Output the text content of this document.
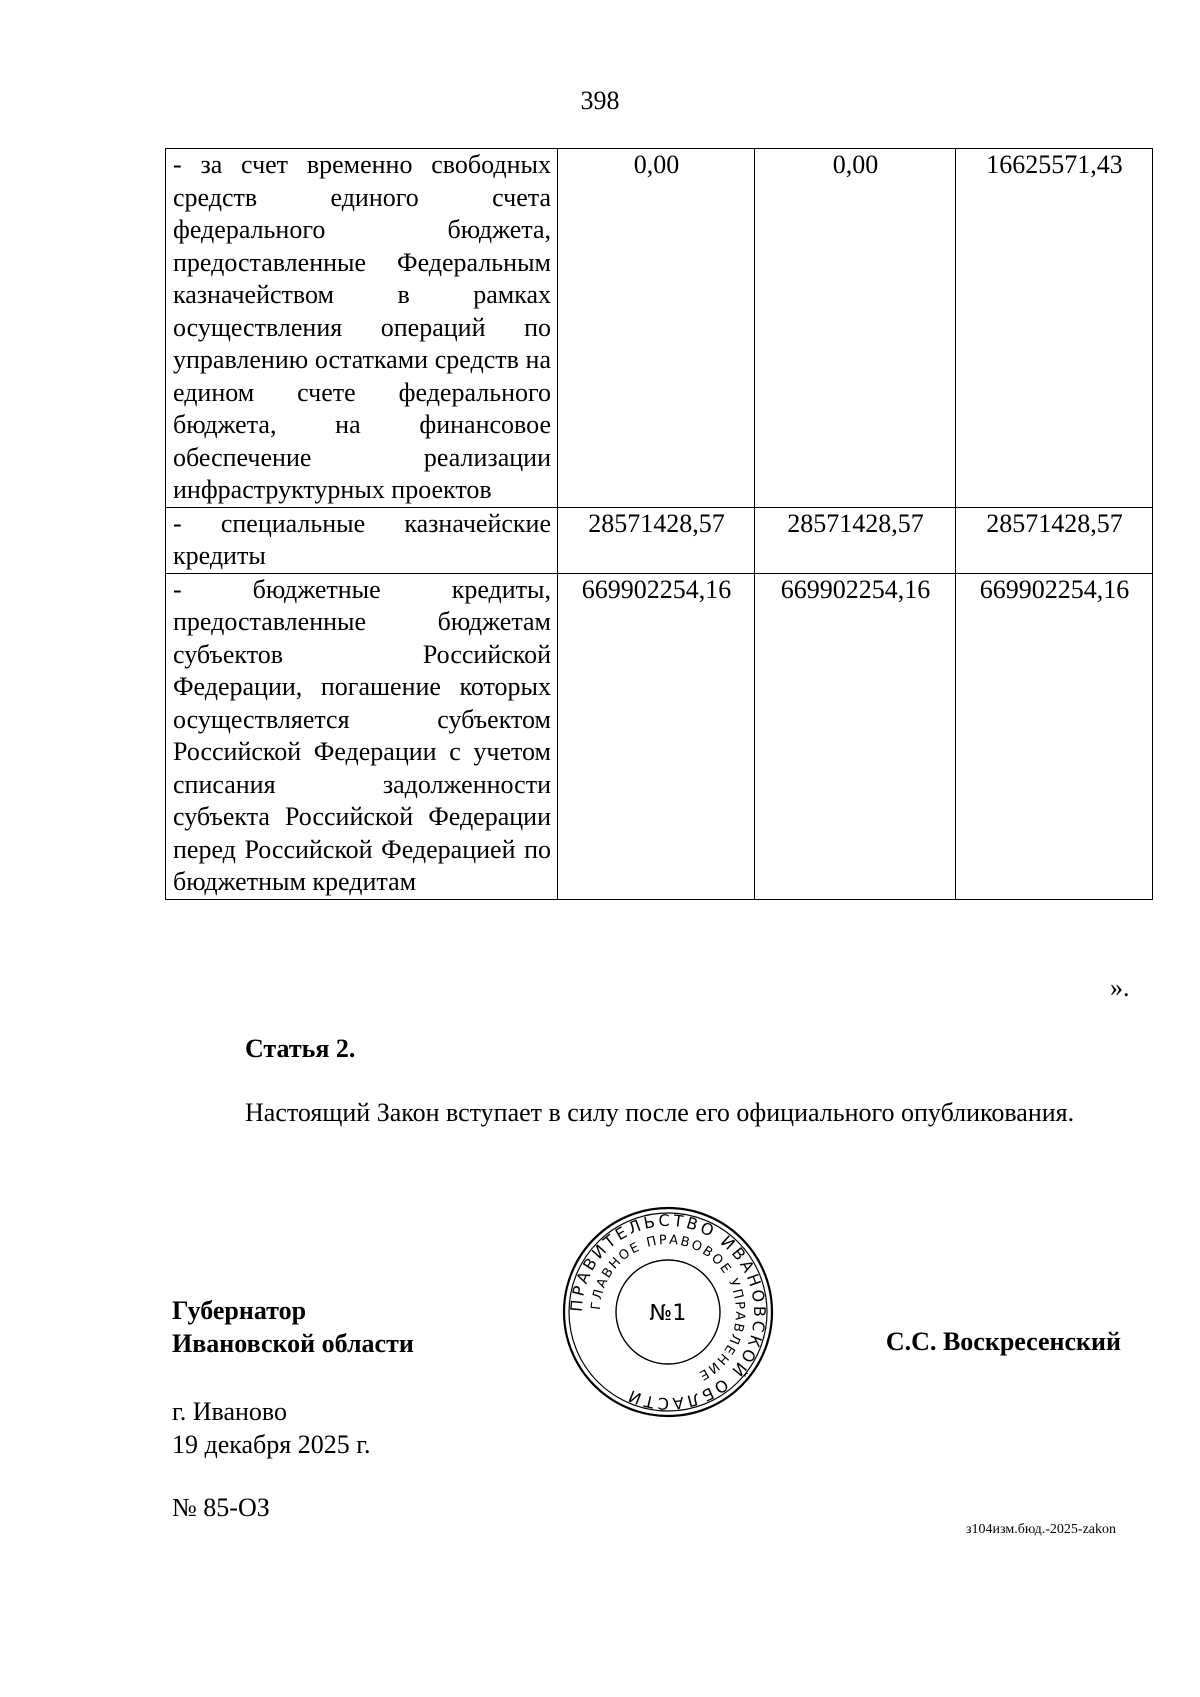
398
- за счет временно свободных средств единого счета федерального бюджета, предоставленные Федеральным казначейством в рамках осуществления операций по управлению остатками средств на едином счете федерального бюджета, на финансовое обеспечение реализации инфраструктурных проектов	0,00	0,00	16625571,43
- специальные казначейские кредиты	28571428,57	28571428,57	28571428,57
- бюджетные кредиты, предоставленные бюджетам субъектов Российской Федерации, погашение которых осуществляется субъектом Российской Федерации с учетом списания задолженности субъекта Российской Федерации перед Российской Федерацией по бюджетным кредитам	669902254,16	669902254,16	669902254,16
».
Статья 2.
Настоящий Закон вступает в силу после его официального опубликования.
Губернатор
Ивановской области	С.С. Воскресенский
ПРАВИТЕЛЬСТВО ИВАНОВСКОЙ ОБЛАСТИ
ГЛАВНОЕ ПРАВОВОЕ УПРАВЛЕНИЕ
№1
г. Иваново
19 декабря 2025 г.
№ 85-ОЗ
з104изм.бюд.-2025-zakon
